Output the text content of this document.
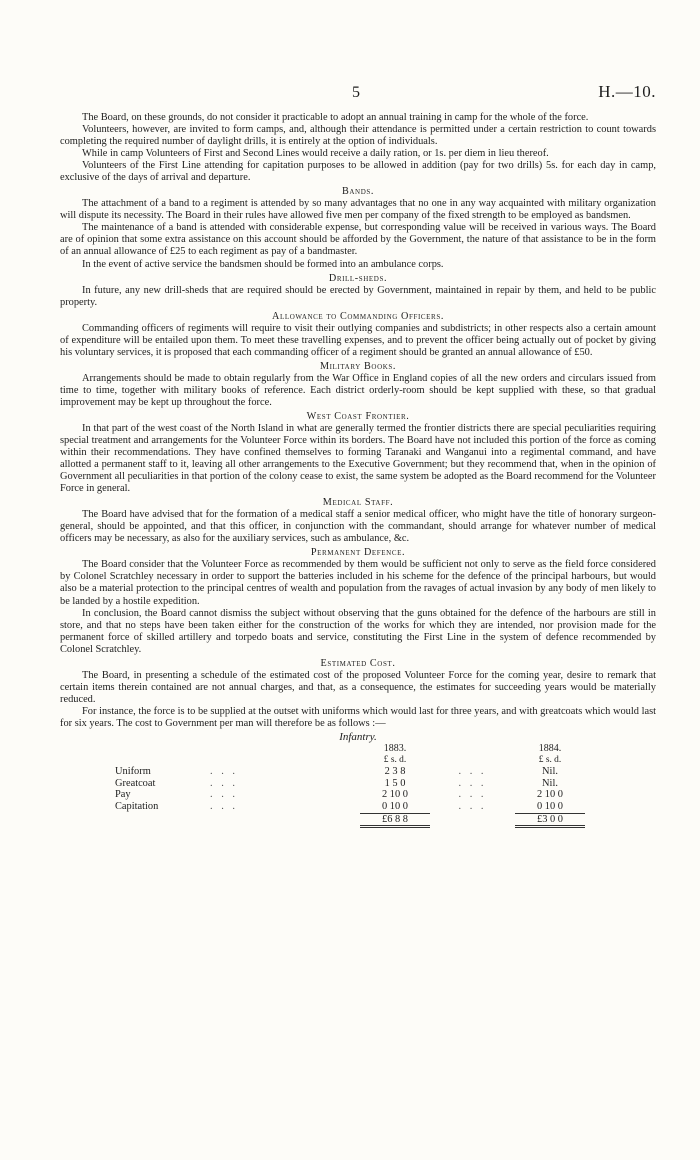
5	H.—10.

The Board, on these grounds, do not consider it practicable to adopt an annual training in camp for the whole of the force.

Volunteers, however, are invited to form camps, and, although their attendance is permitted under a certain restriction to count towards completing the required number of daylight drills, it is entirely at the option of individuals.

While in camp Volunteers of First and Second Lines would receive a daily ration, or 1s. per diem in lieu thereof.

Volunteers of the First Line attending for capitation purposes to be allowed in addition (pay for two drills) 5s. for each day in camp, exclusive of the days of arrival and departure.

Bands.

The attachment of a band to a regiment is attended by so many advantages that no one in any way acquainted with military organization will dispute its necessity. The Board in their rules have allowed five men per company of the fixed strength to be employed as bandsmen.

The maintenance of a band is attended with considerable expense, but corresponding value will be received in various ways. The Board are of opinion that some extra assistance on this account should be afforded by the Government, the nature of that assistance to be in the form of an annual allowance of £25 to each regiment as pay of a bandmaster.

In the event of active service the bandsmen should be formed into an ambulance corps.

Drill-sheds.

In future, any new drill-sheds that are required should be erected by Government, maintained in repair by them, and held to be public property.

Allowance to Commanding Officers.

Commanding officers of regiments will require to visit their outlying companies and subdistricts; in other respects also a certain amount of expenditure will be entailed upon them. To meet these travelling expenses, and to prevent the officer being actually out of pocket by giving his voluntary services, it is proposed that each commanding officer of a regiment should be granted an annual allowance of £50.

Military Books.

Arrangements should be made to obtain regularly from the War Office in England copies of all the new orders and circulars issued from time to time, together with military books of reference. Each district orderly-room should be kept supplied with these, so that gradual improvement may be kept up throughout the force.

West Coast Frontier.

In that part of the west coast of the North Island in what are generally termed the frontier districts there are special peculiarities requiring special treatment and arrangements for the Volunteer Force within its borders. The Board have not included this portion of the force as coming within their recommendations. They have confined themselves to forming Taranaki and Wanganui into a regimental command, and have allotted a permanent staff to it, leaving all other arrangements to the Executive Government; but they recommend that, when in the opinion of Government all peculiarities in that portion of the colony cease to exist, the same system be adopted as the Board recommend for the Volunteer Force in general.

Medical Staff.

The Board have advised that for the formation of a medical staff a senior medical officer, who might have the title of honorary surgeon-general, should be appointed, and that this officer, in conjunction with the commandant, should arrange for whatever number of medical officers may be necessary, as also for the auxiliary services, such as ambulance, &c.

Permanent Defence.

The Board consider that the Volunteer Force as recommended by them would be sufficient not only to serve as the field force considered by Colonel Scratchley necessary in order to support the batteries included in his scheme for the defence of the principal harbours, but would also be a material protection to the principal centres of wealth and population from the ravages of actual invasion by any body of men likely to be landed by a hostile expedition.

In conclusion, the Board cannot dismiss the subject without observing that the guns obtained for the defence of the harbours are still in store, and that no steps have been taken either for the construction of the works for which they are intended, nor provision made for the permanent force of skilled artillery and torpedo boats and service, constituting the First Line in the system of defence recommended by Colonel Scratchley.

Estimated Cost.

The Board, in presenting a schedule of the estimated cost of the proposed Volunteer Force for the coming year, desire to remark that certain items therein contained are not annual charges, and that, as a consequence, the estimates for succeeding years would be materially reduced.

For instance, the force is to be supplied at the outset with uniforms which would last for three years, and with greatcoats which would last for six years. The cost to Government per man will therefore be as follows :—

Infantry.
		1883.		1884.
		£ s. d.		£ s. d.
Uniform	. . .	2 3 8	. . .	Nil.
Greatcoat	. . .	1 5 0	. . .	Nil.
Pay	. . .	2 10 0	. . .	2 10 0
Capitation	. . .	0 10 0	. . .	0 10 0
		£6 8 8		£3 0 0
